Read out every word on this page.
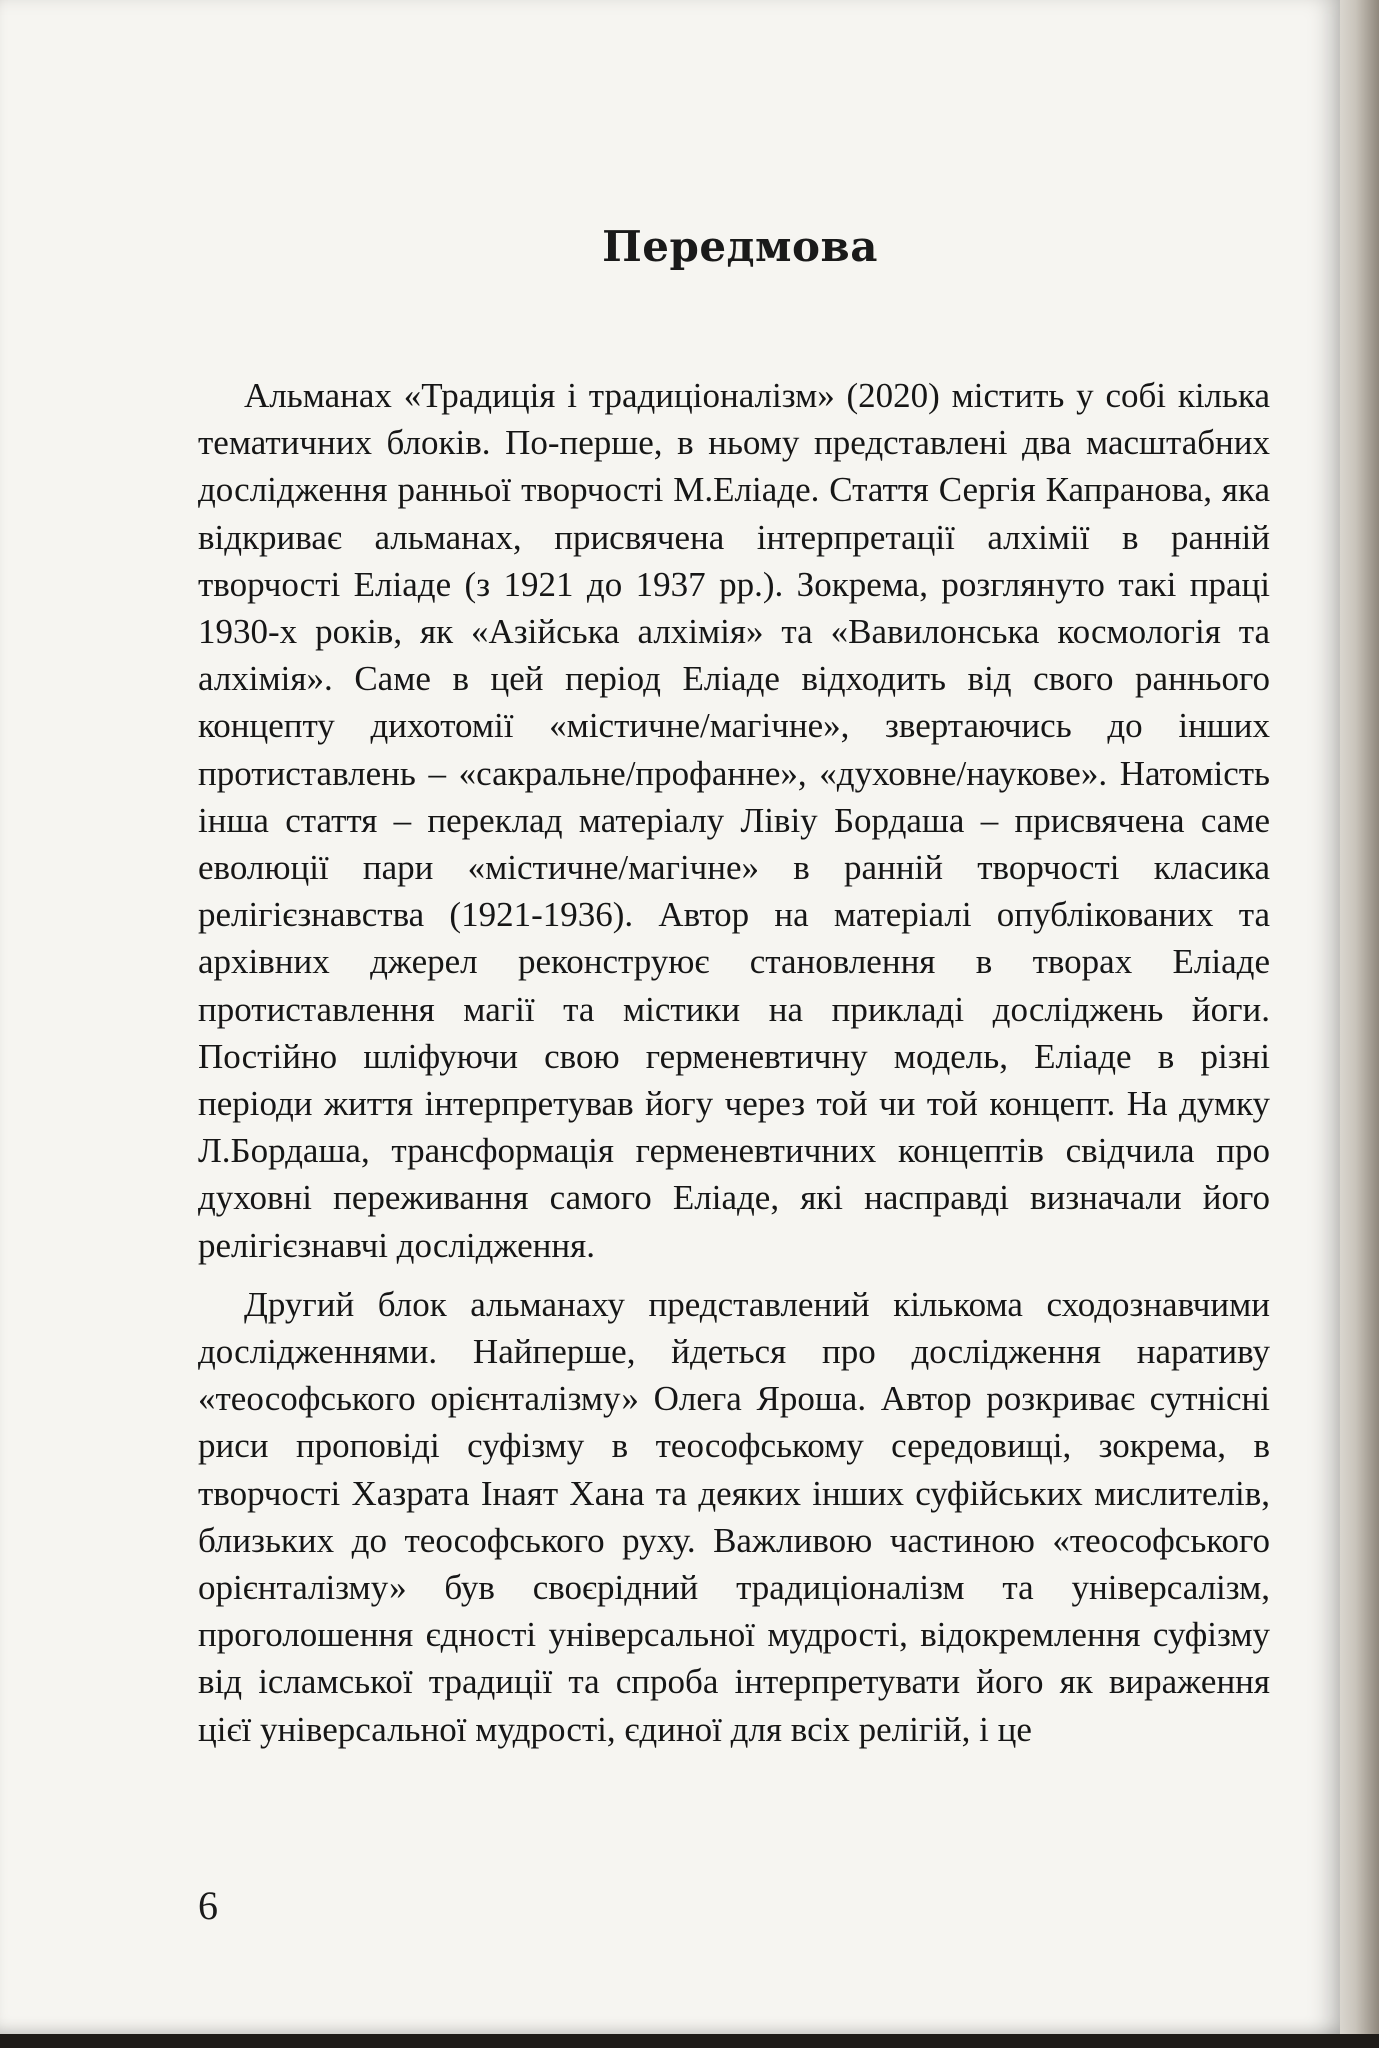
Передмова

Альманах «Традиція і традиціоналізм» (2020) містить у собі кілька тематичних блоків. По-перше, в ньому представлені два масштабних дослідження ранньої творчості М.Еліаде. Стаття Сергія Капранова, яка відкриває альманах, присвячена інтерпретації алхімії в ранній творчості Еліаде (з 1921 до 1937 рр.). Зокрема, розглянуто такі праці 1930-х років, як «Азійська алхімія» та «Вавилонська космологія та алхімія». Саме в цей період Еліаде відходить від свого раннього концепту дихотомії «містичне/магічне», звертаючись до інших протиставлень – «сакральне/профанне», «духовне/наукове». Натомість інша стаття – переклад матеріалу Лівіу Бордаша – присвячена саме еволюції пари «містичне/магічне» в ранній творчості класика релігієзнавства (1921-1936). Автор на матеріалі опублікованих та архівних джерел реконструює становлення в творах Еліаде протиставлення магії та містики на прикладі досліджень йоги. Постійно шліфуючи свою герменевтичну модель, Еліаде в різні періоди життя інтерпретував йогу через той чи той концепт. На думку Л.Бордаша, трансформація герменевтичних концептів свідчила про духовні переживання самого Еліаде, які насправді визначали його релігієзнавчі дослідження.

Другий блок альманаху представлений кількома сходознавчими дослідженнями. Найперше, йдеться про дослідження наративу «теософського орієнталізму» Олега Яроша. Автор розкриває сутнісні риси проповіді суфізму в теософському середовищі, зокрема, в творчості Хазрата Інаят Хана та деяких інших суфійських мислителів, близьких до теософського руху. Важливою частиною «теософського орієнталізму» був своєрідний традиціоналізм та універсалізм, проголошення єдності універсальної мудрості, відокремлення суфізму від ісламської традиції та спроба інтерпретувати його як вираження цієї універсальної мудрості, єдиної для всіх релігій, і це

6
